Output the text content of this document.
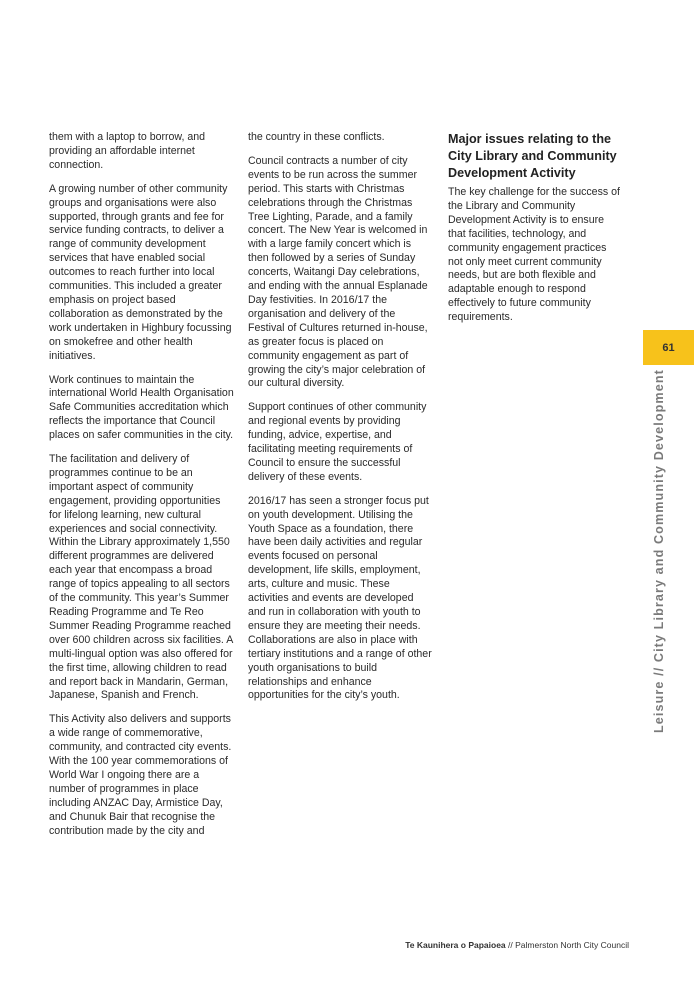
them with a laptop to borrow, and providing an affordable internet connection.

A growing number of other community groups and organisations were also supported, through grants and fee for service funding contracts, to deliver a range of community development services that have enabled social outcomes to reach further into local communities. This included a greater emphasis on project based collaboration as demonstrated by the work undertaken in Highbury focussing on smokefree and other health initiatives.

Work continues to maintain the international World Health Organisation Safe Communities accreditation which reflects the importance that Council places on safer communities in the city.

The facilitation and delivery of programmes continue to be an important aspect of community engagement, providing opportunities for lifelong learning, new cultural experiences and social connectivity. Within the Library approximately 1,550 different programmes are delivered each year that encompass a broad range of topics appealing to all sectors of the community. This year’s Summer Reading Programme and Te Reo Summer Reading Programme reached over 600 children across six facilities. A multi-lingual option was also offered for the first time, allowing children to read and report back in Mandarin, German, Japanese, Spanish and French.

This Activity also delivers and supports a wide range of commemorative, community, and contracted city events. With the 100 year commemorations of World War I ongoing there are a number of programmes in place including ANZAC Day, Armistice Day, and Chunuk Bair that recognise the contribution made by the city and

the country in these conflicts.

Council contracts a number of city events to be run across the summer period. This starts with Christmas celebrations through the Christmas Tree Lighting, Parade, and a family concert. The New Year is welcomed in with a large family concert which is then followed by a series of Sunday concerts, Waitangi Day celebrations, and ending with the annual Esplanade Day festivities. In 2016/17 the organisation and delivery of the Festival of Cultures returned in-house, as greater focus is placed on community engagement as part of growing the city’s major celebration of our cultural diversity.

Support continues of other community and regional events by providing funding, advice, expertise, and facilitating meeting requirements of Council to ensure the successful delivery of these events.

2016/17 has seen a stronger focus put on youth development. Utilising the Youth Space as a foundation, there have been daily activities and regular events focused on personal development, life skills, employment, arts, culture and music. These activities and events are developed and run in collaboration with youth to ensure they are meeting their needs. Collaborations are also in place with tertiary institutions and a range of other youth organisations to build relationships and enhance opportunities for the city’s youth.

Major issues relating to the City Library and Community Development Activity

The key challenge for the success of the Library and Community Development Activity is to ensure that facilities, technology, and community engagement practices not only meet current community needs, but are both flexible and adaptable enough to respond effectively to future community requirements.

61
Leisure // City Library and Community Development
Te Kaunihera o Papaioea // Palmerston North City Council
